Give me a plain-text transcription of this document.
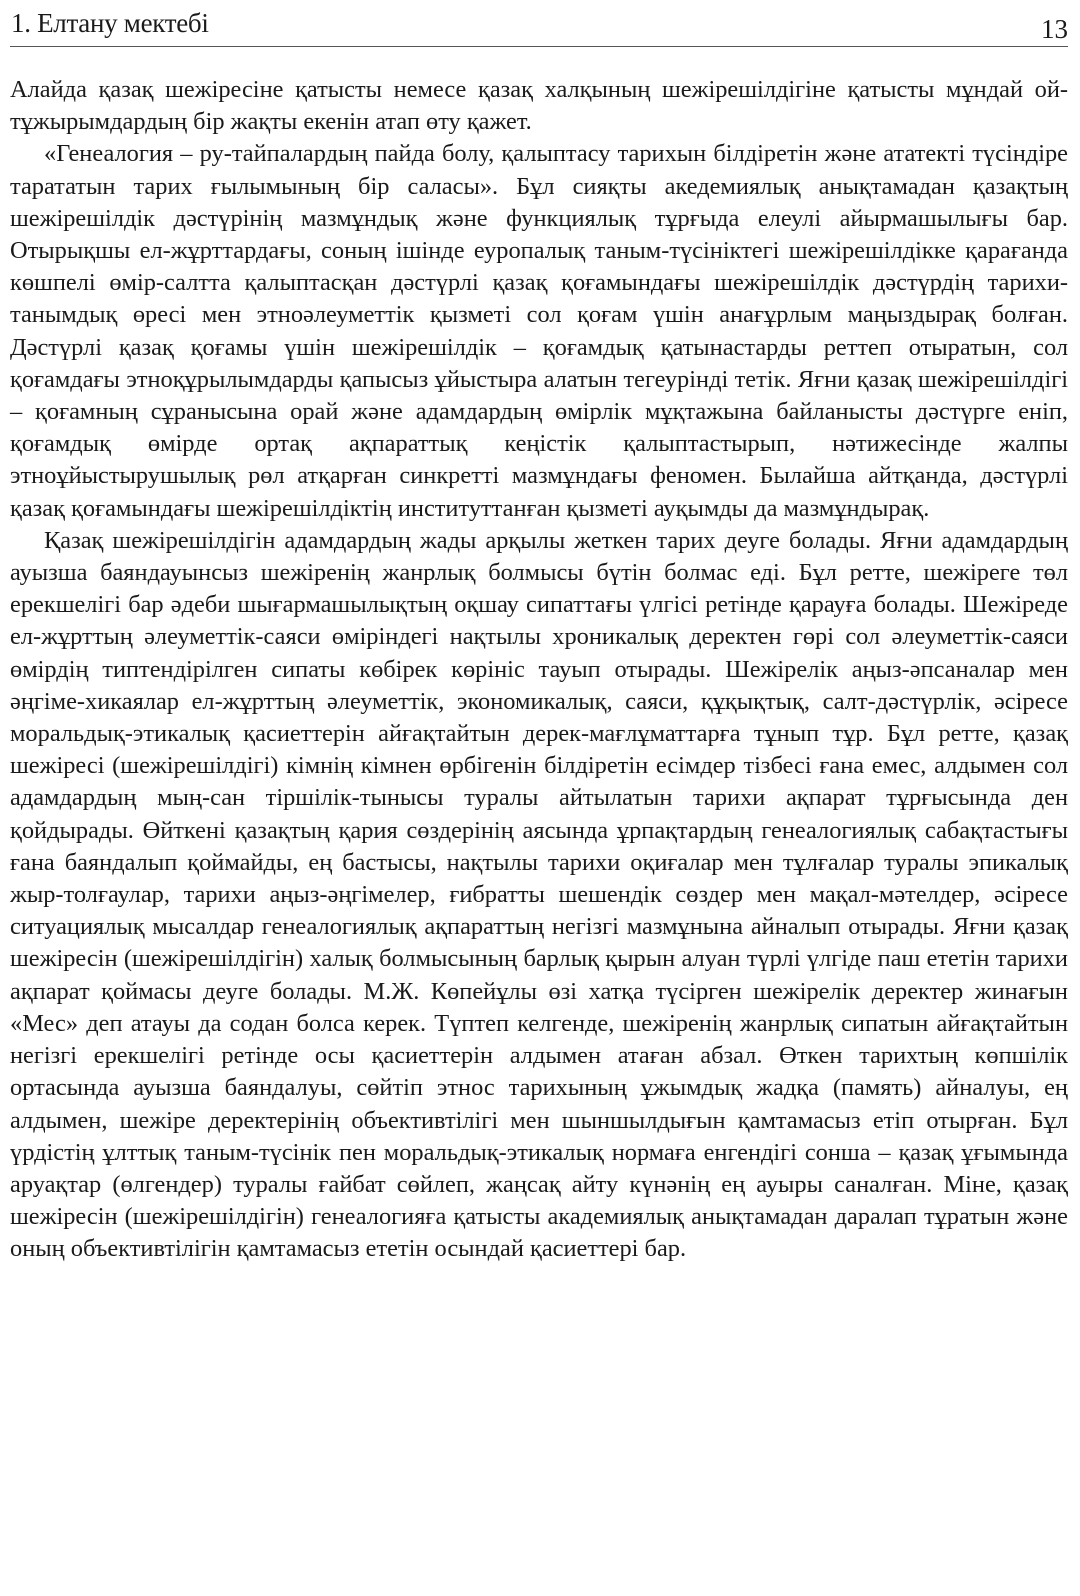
1. Елтану мектебі	13

Алайда қазақ шежіресіне қатысты немесе қазақ халқының шежірешілдігіне қатысты мұндай ой-тұжырымдардың бір жақты екенін атап өту қажет.

«Генеалогия – ру-тайпалардың пайда болу, қалыптасу тарихын білдіретін және ататекті түсіндіре тарататын тарих ғылымының бір саласы». Бұл сияқты акедемиялық анықтамадан қазақтың шежірешілдік дәстүрінің мазмұндық және функциялық тұрғыда елеулі айырмашылығы бар. Отырықшы ел-жұрттардағы, соның ішінде еуропалық таным-түсініктегі шежірешілдікке қарағанда көшпелі өмір-салтта қалыптасқан дәстүрлі қазақ қоғамындағы шежірешілдік дәстүрдің тарихи-танымдық өресі мен этноәлеуметтік қызметі сол қоғам үшін анағұрлым маңыздырақ болған. Дәстүрлі қазақ қоғамы үшін шежірешілдік – қоғамдық қатынастарды реттеп отыратын, сол қоғамдағы этноқұрылымдарды қапысыз ұйыстыра алатын тегеурінді тетік. Яғни қазақ шежірешілдігі – қоғамның сұранысына орай және адамдардың өмірлік мұқтажына байланысты дәстүрге еніп, қоғамдық өмірде ортақ ақпараттық кеңістік қалыптастырып, нәтижесінде жалпы этноұйыстырушылық рөл атқарған синкретті мазмұндағы феномен. Былайша айтқанда, дәстүрлі қазақ қоғамындағы шежірешілдіктің институттанған қызметі ауқымды да мазмұндырақ.

Қазақ шежірешілдігін адамдардың жады арқылы жеткен тарих деуге болады. Яғни адамдардың ауызша баяндауынсыз шежіренің жанрлық болмысы бүтін болмас еді. Бұл ретте, шежіреге төл ерекшелігі бар әдеби шығармашылықтың оқшау сипаттағы үлгісі ретінде қарауға болады. Шежіреде ел-жұрттың әлеуметтік-саяси өміріндегі нақтылы хроникалық деректен гөрі сол әлеуметтік-саяси өмірдің типтендірілген сипаты көбірек көрініс тауып отырады. Шежірелік аңыз-әпсаналар мен әңгіме-хикаялар ел-жұрттың әлеуметтік, экономикалық, саяси, құқықтық, салт-дәстүрлік, әсіресе моральдық-этикалық қасиеттерін айғақтайтын дерек-мағлұматтарға тұнып тұр. Бұл ретте, қазақ шежіресі (шежірешілдігі) кімнің кімнен өрбігенін білдіретін есімдер тізбесі ғана емес, алдымен сол адамдардың мың-сан тіршілік-тынысы туралы айтылатын тарихи ақпарат тұрғысында ден қойдырады. Өйткені қазақтың қария сөздерінің аясында ұрпақтардың генеалогиялық сабақтастығы ғана баяндалып қоймайды, ең бастысы, нақтылы тарихи оқиғалар мен тұлғалар туралы эпикалық жыр-толғаулар, тарихи аңыз-әңгімелер, ғибратты шешендік сөздер мен мақал-мәтелдер, әсіресе ситуациялық мысалдар генеалогиялық ақпараттың негізгі мазмұнына айналып отырады. Яғни қазақ шежіресін (шежірешілдігін) халық болмысының барлық қырын алуан түрлі үлгіде паш ететін тарихи ақпарат қоймасы деуге болады. М.Ж. Көпейұлы өзі хатқа түсірген шежірелік деректер жинағын «Мес» деп атауы да содан болса керек. Түптеп келгенде, шежіренің жанрлық сипатын айғақтайтын негізгі ерекшелігі ретінде осы қасиеттерін алдымен атаған абзал. Өткен тарихтың көпшілік ортасында ауызша баяндалуы, сөйтіп этнос тарихының ұжымдық жадқа (память) айналуы, ең алдымен, шежіре деректерінің объективтілігі мен шыншылдығын қамтамасыз етіп отырған. Бұл үрдістің ұлттық таным-түсінік пен моральдық-этикалық нормаға енгендігі сонша – қазақ ұғымында аруақтар (өлгендер) туралы ғайбат сөйлеп, жаңсақ айту күнәнің ең ауыры саналған. Міне, қазақ шежіресін (шежірешілдігін) генеалогияға қатысты академиялық анықтамадан даралап тұратын және оның объективтілігін қамтамасыз ететін осындай қасиеттері бар.
